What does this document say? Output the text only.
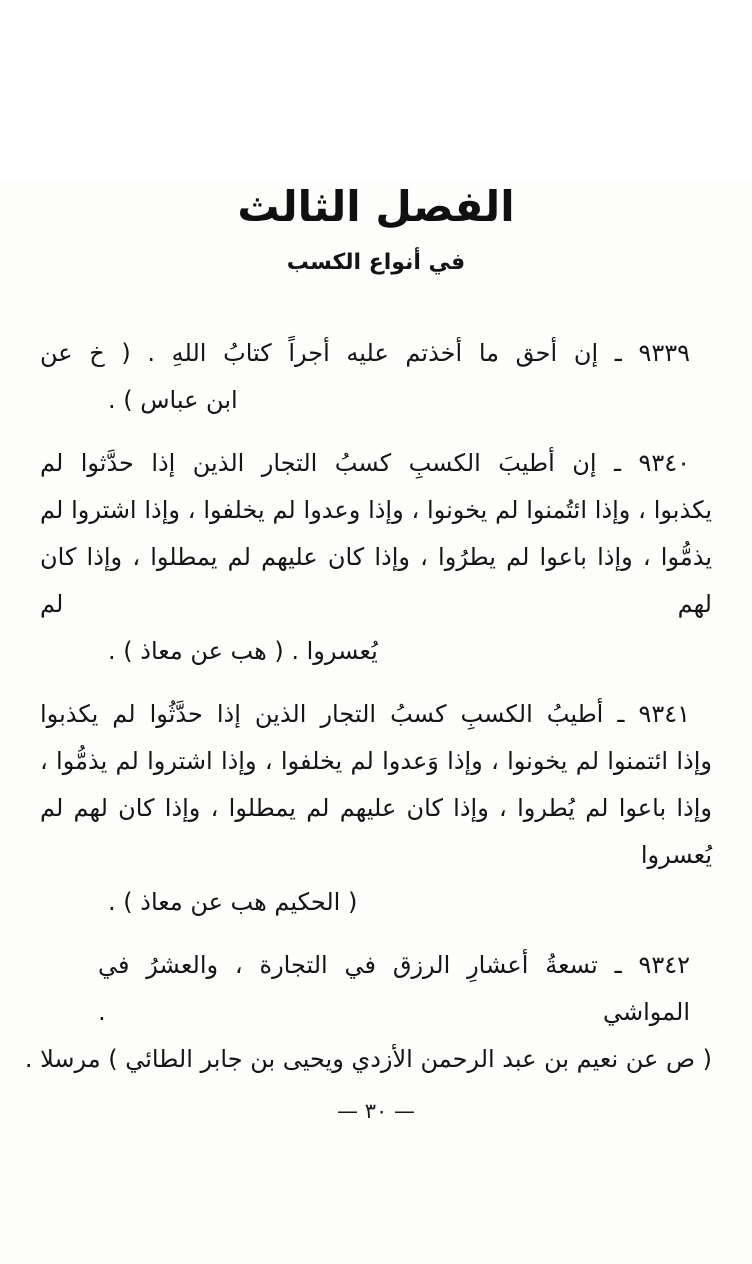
الفصل الثالث
في أنواع الكسب
٩٣٣٩ ـ إن أحق ما أخذتم عليه أجراً كتابُ اللهِ . ( خ عن
ابن عباس ) .
٩٣٤٠ ـ إن أطيبَ الكسبِ كسبُ التجار الذين إذا حدَّثوا لم
يكذبوا ، وإذا ائتُمنوا لم يخونوا ، وإذا وعدوا لم يخلفوا ، وإذا اشتروا لم
يذمُّوا ، وإذا باعوا لم يطرُوا ، وإذا كان عليهم لم يمطلوا ، وإذا كان لهم لم
يُعسروا . ( هب عن معاذ ) .
٩٣٤١ ـ أطيبُ الكسبِ كسبُ التجار الذين إذا حدَّثُوا لم يكذبوا
وإذا ائتمنوا لم يخونوا ، وإذا وَعدوا لم يخلفوا ، وإذا اشتروا لم يذمُّوا ،
وإذا باعوا لم يُطروا ، وإذا كان عليهم لم يمطلوا ، وإذا كان لهم لم يُعسروا
( الحكيم هب عن معاذ ) .
٩٣٤٢ ـ تسعةُ أعشارِ الرزق في التجارة ، والعشرُ في المواشي .
( ص عن نعيم بن عبد الرحمن الأزدي ويحيى بن جابر الطائي ) مرسلا .
— ٣٠ —
